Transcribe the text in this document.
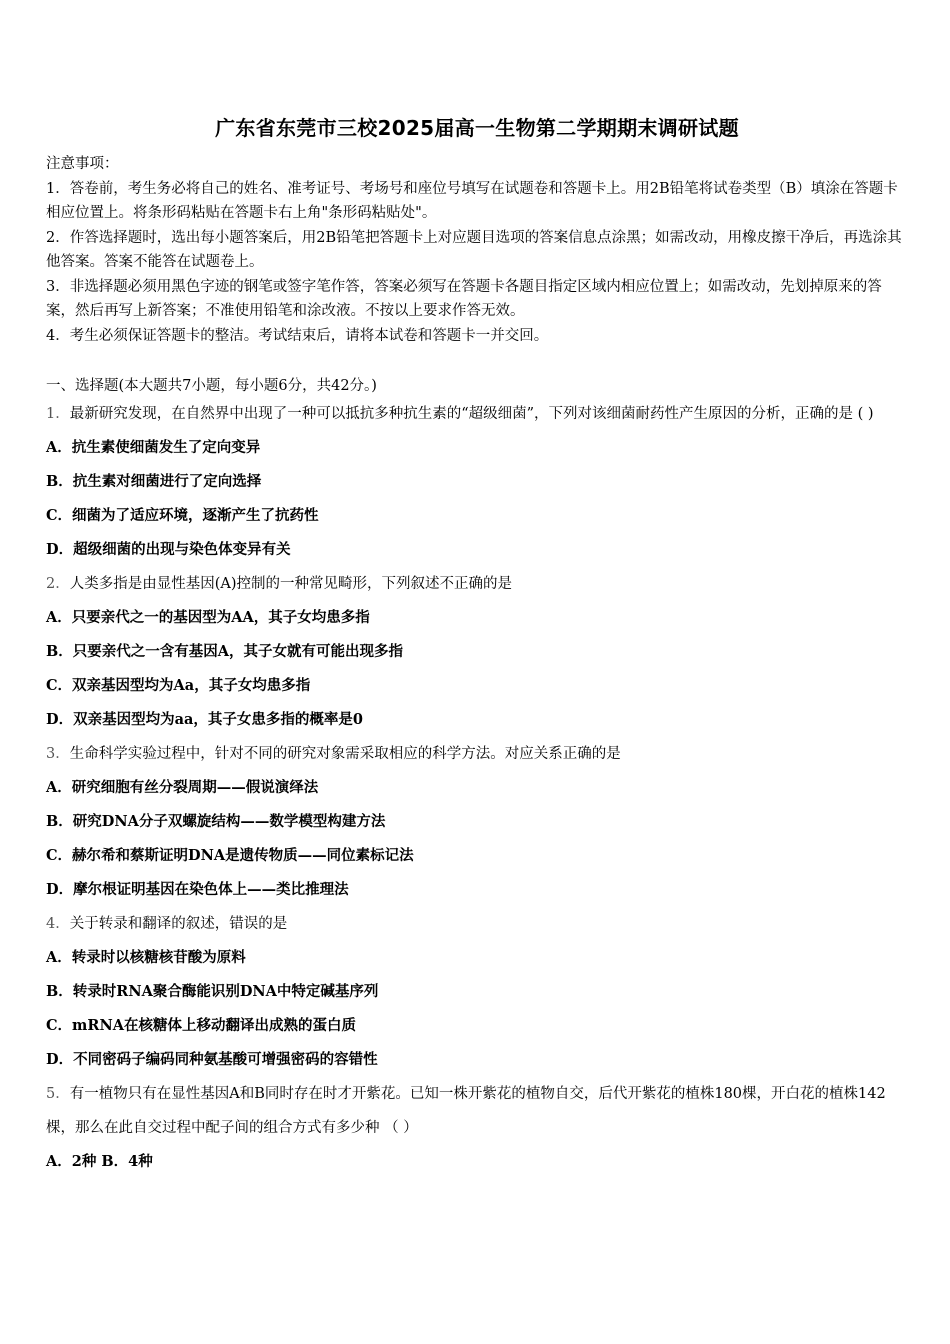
广东省东莞市三校2025届高一生物第二学期期末调研试题

注意事项：

1．答卷前，考生务必将自己的姓名、准考证号、考场号和座位号填写在试题卷和答题卡上。用2B铅笔将试卷类型（B）填涂在答题卡相应位置上。将条形码粘贴在答题卡右上角"条形码粘贴处"。

2．作答选择题时，选出每小题答案后，用2B铅笔把答题卡上对应题目选项的答案信息点涂黑；如需改动，用橡皮擦干净后，再选涂其他答案。答案不能答在试题卷上。

3．非选择题必须用黑色字迹的钢笔或签字笔作答，答案必须写在答题卡各题目指定区域内相应位置上；如需改动，先划掉原来的答案，然后再写上新答案；不准使用铅笔和涂改液。不按以上要求作答无效。

4．考生必须保证答题卡的整洁。考试结束后，请将本试卷和答题卡一并交回。

一、选择题(本大题共7小题，每小题6分，共42分。)

1．最新研究发现，在自然界中出现了一种可以抵抗多种抗生素的“超级细菌”，下列对该细菌耐药性产生原因的分析，正确的是 ( )

A．抗生素使细菌发生了定向变异

B．抗生素对细菌进行了定向选择

C．细菌为了适应环境，逐渐产生了抗药性

D．超级细菌的出现与染色体变异有关

2．人类多指是由显性基因(A)控制的一种常见畸形，下列叙述不正确的是

A．只要亲代之一的基因型为AA，其子女均患多指

B．只要亲代之一含有基因A，其子女就有可能出现多指

C．双亲基因型均为Aa，其子女均患多指

D．双亲基因型均为aa，其子女患多指的概率是0

3．生命科学实验过程中，针对不同的研究对象需采取相应的科学方法。对应关系正确的是

A．研究细胞有丝分裂周期——假说演绎法

B．研究DNA分子双螺旋结构——数学模型构建方法

C．赫尔希和蔡斯证明DNA是遗传物质——同位素标记法

D．摩尔根证明基因在染色体上——类比推理法

4．关于转录和翻译的叙述，错误的是

A．转录时以核糖核苷酸为原料

B．转录时RNA聚合酶能识别DNA中特定碱基序列

C．mRNA在核糖体上移动翻译出成熟的蛋白质

D．不同密码子编码同种氨基酸可增强密码的容错性

5．有一植物只有在显性基因A和B同时存在时才开紫花。已知一株开紫花的植物自交，后代开紫花的植株180棵，开白花的植株142棵，那么在此自交过程中配子间的组合方式有多少种 （ ）

A．2种 B．4种
